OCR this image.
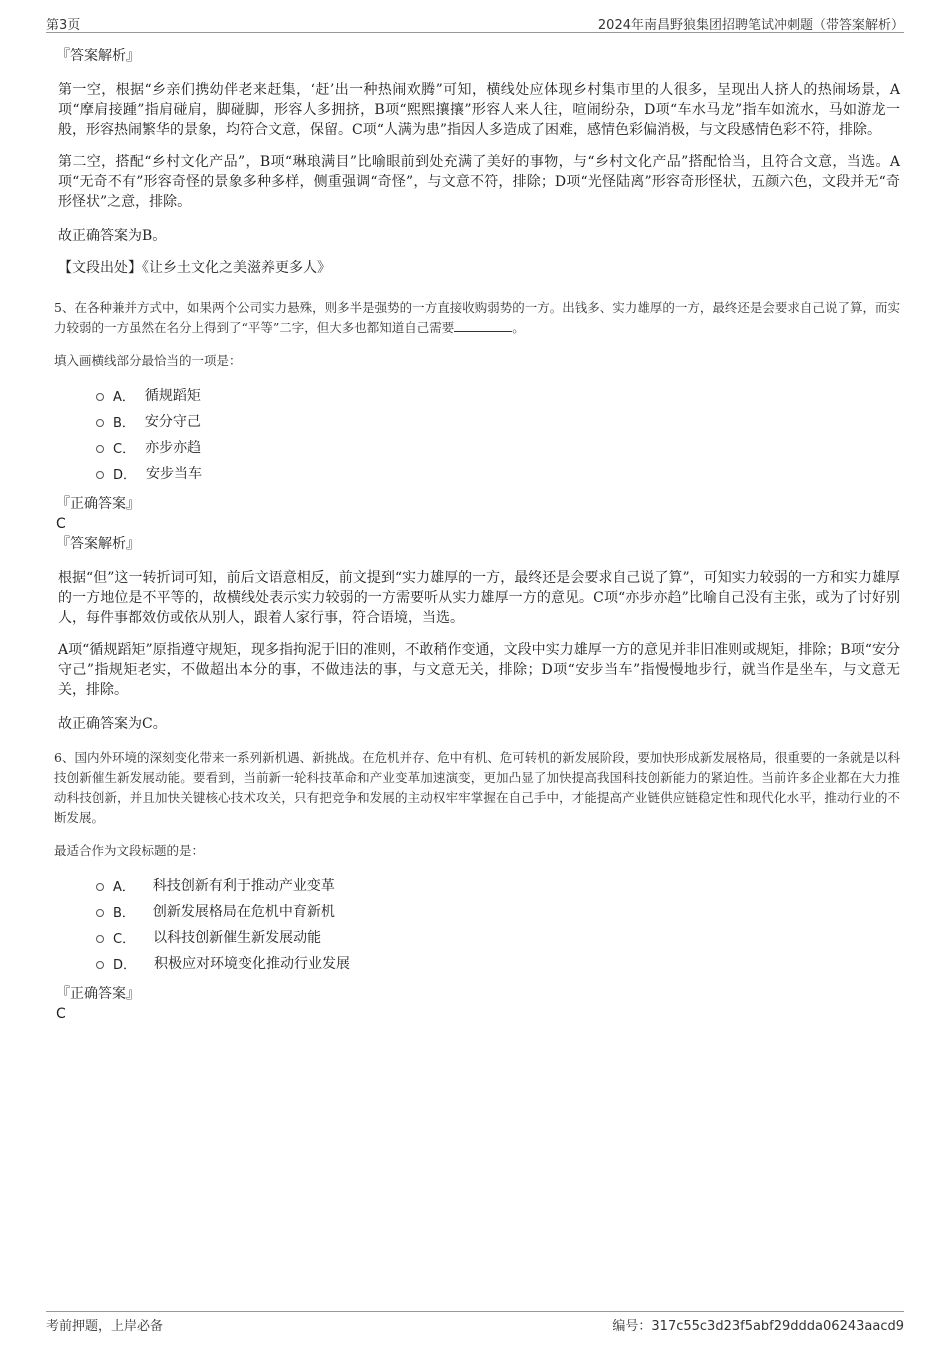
第3页	2024年南昌野狼集团招聘笔试冲刺题（带答案解析）

『答案解析』

第一空，根据“乡亲们携幼伴老来赶集，‘赶’出一种热闹欢腾”可知，横线处应体现乡村集市里的人很多，呈现出人挤人的热闹场景，A项“摩肩接踵”指肩碰肩，脚碰脚，形容人多拥挤，B项“熙熙攘攘”形容人来人往，喧闹纷杂，D项“车水马龙”指车如流水，马如游龙一般，形容热闹繁华的景象，均符合文意，保留。C项“人满为患”指因人多造成了困难，感情色彩偏消极，与文段感情色彩不符，排除。

第二空，搭配“乡村文化产品”，B项“琳琅满目”比喻眼前到处充满了美好的事物，与“乡村文化产品”搭配恰当，且符合文意，当选。A项“无奇不有”形容奇怪的景象多种多样，侧重强调“奇怪”，与文意不符，排除；D项“光怪陆离”形容奇形怪状，五颜六色，文段并无“奇形怪状”之意，排除。

故正确答案为B。

【文段出处】《让乡土文化之美滋养更多人》

5、在各种兼并方式中，如果两个公司实力悬殊，则多半是强势的一方直接收购弱势的一方。出钱多、实力雄厚的一方，最终还是会要求自己说了算，而实力较弱的一方虽然在名分上得到了“平等”二字，但大多也都知道自己需要	。

填入画横线部分最恰当的一项是：

A． 循规蹈矩
B． 安分守己
C． 亦步亦趋
D． 安步当车

『正确答案』

C

『答案解析』

根据“但”这一转折词可知，前后文语意相反，前文提到“实力雄厚的一方，最终还是会要求自己说了算”，可知实力较弱的一方和实力雄厚的一方地位是不平等的，故横线处表示实力较弱的一方需要听从实力雄厚一方的意见。C项“亦步亦趋”比喻自己没有主张，或为了讨好别人，每件事都效仿或依从别人，跟着人家行事，符合语境，当选。

A项“循规蹈矩”原指遵守规矩，现多指拘泥于旧的准则，不敢稍作变通，文段中实力雄厚一方的意见并非旧准则或规矩，排除；B项“安分守己”指规矩老实，不做超出本分的事，不做违法的事，与文意无关，排除；D项“安步当车”指慢慢地步行，就当作是坐车，与文意无关，排除。

故正确答案为C。

6、国内外环境的深刻变化带来一系列新机遇、新挑战。在危机并存、危中有机、危可转机的新发展阶段，要加快形成新发展格局，很重要的一条就是以科技创新催生新发展动能。要看到，当前新一轮科技革命和产业变革加速演变，更加凸显了加快提高我国科技创新能力的紧迫性。当前许多企业都在大力推动科技创新，并且加快关键核心技术攻关，只有把竞争和发展的主动权牢牢掌握在自己手中，才能提高产业链供应链稳定性和现代化水平，推动行业的不断发展。

最适合作为文段标题的是：

A． 科技创新有利于推动产业变革
B． 创新发展格局在危机中育新机
C． 以科技创新催生新发展动能
D． 积极应对环境变化推动行业发展

『正确答案』

C

考前押题，上岸必备	编号：317c55c3d23f5abf29ddda06243aacd9
